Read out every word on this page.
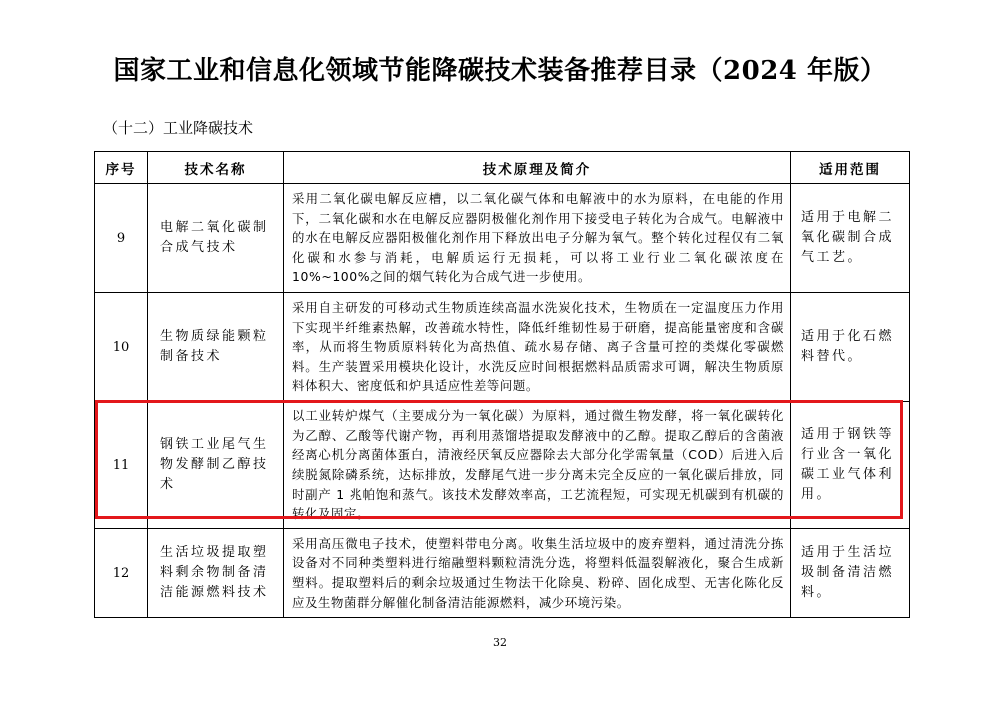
国家工业和信息化领域节能降碳技术装备推荐目录（2024 年版）
（十二）工业降碳技术
序号	技术名称	技术原理及简介	适用范围
9	电解二氧化碳制合成气技术	采用二氧化碳电解反应槽，以二氧化碳气体和电解液中的水为原料，在电能的作用下，二氧化碳和水在电解反应器阴极催化剂作用下接受电子转化为合成气。电解液中的水在电解反应器阳极催化剂作用下释放出电子分解为氧气。整个转化过程仅有二氧化碳和水参与消耗，电解质运行无损耗，可以将工业行业二氧化碳浓度在 10%~100%之间的烟气转化为合成气进一步使用。	适用于电解二氧化碳制合成气工艺。
10	生物质绿能颗粒制备技术	采用自主研发的可移动式生物质连续高温水洗炭化技术，生物质在一定温度压力作用下实现半纤维素热解，改善疏水特性，降低纤维韧性易于研磨，提高能量密度和含碳率，从而将生物质原料转化为高热值、疏水易存储、离子含量可控的类煤化零碳燃料。生产装置采用模块化设计，水洗反应时间根据燃料品质需求可调，解决生物质原料体积大、密度低和炉具适应性差等问题。	适用于化石燃料替代。
11	钢铁工业尾气生物发酵制乙醇技术	以工业转炉煤气（主要成分为一氧化碳）为原料，通过微生物发酵，将一氧化碳转化为乙醇、乙酸等代谢产物，再利用蒸馏塔提取发酵液中的乙醇。提取乙醇后的含菌液经离心机分离菌体蛋白，清液经厌氧反应器除去大部分化学需氧量（COD）后进入后续脱氮除磷系统，达标排放，发酵尾气进一步分离未完全反应的一氧化碳后排放，同时副产 1 兆帕饱和蒸气。该技术发酵效率高，工艺流程短，可实现无机碳到有机碳的转化及固定。	适用于钢铁等行业含一氧化碳工业气体利用。
12	生活垃圾提取塑料剩余物制备清洁能源燃料技术	采用高压微电子技术，使塑料带电分离。收集生活垃圾中的废弃塑料，通过清洗分拣设备对不同种类塑料进行缩融塑料颗粒清洗分选，将塑料低温裂解液化，聚合生成新塑料。提取塑料后的剩余垃圾通过生物法干化除臭、粉碎、固化成型、无害化陈化反应及生物菌群分解催化制备清洁能源燃料，减少环境污染。	适用于生活垃圾制备清洁燃料。
32
